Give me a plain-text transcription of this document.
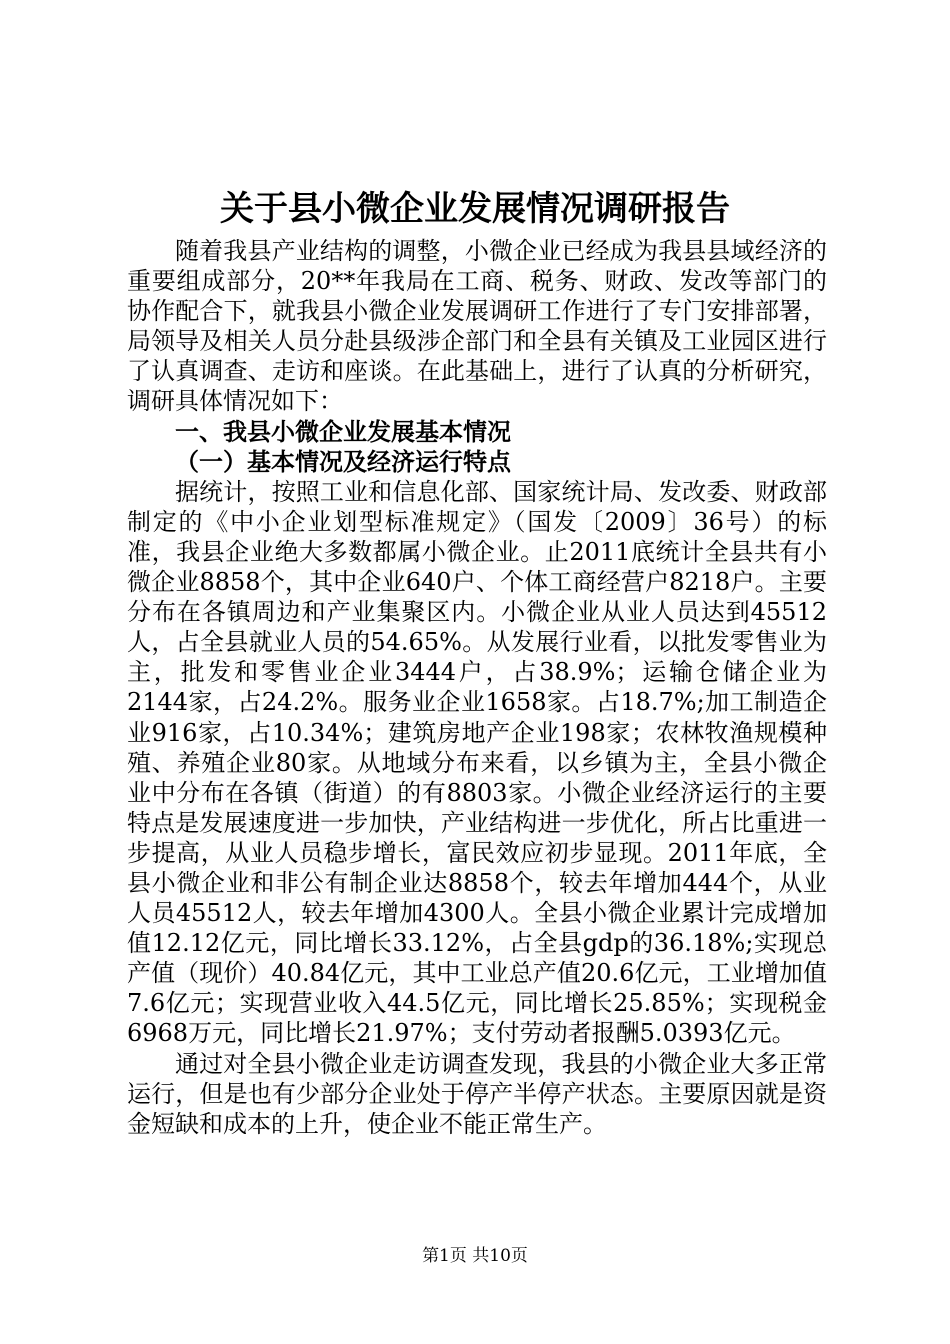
关于县小微企业发展情况调研报告

随着我县产业结构的调整，小微企业已经成为我县县域经济的重要组成部分，20**年我局在工商、税务、财政、发改等部门的协作配合下，就我县小微企业发展调研工作进行了专门安排部署，局领导及相关人员分赴县级涉企部门和全县有关镇及工业园区进行了认真调查、走访和座谈。在此基础上，进行了认真的分析研究，调研具体情况如下：

一、我县小微企业发展基本情况

（一）基本情况及经济运行特点

据统计，按照工业和信息化部、国家统计局、发改委、财政部制定的《中小企业划型标准规定》（国发〔2009〕36号）的标准，我县企业绝大多数都属小微企业。止2011底统计全县共有小微企业8858个，其中企业640户、个体工商经营户8218户。主要分布在各镇周边和产业集聚区内。小微企业从业人员达到45512人，占全县就业人员的54.65%。从发展行业看，以批发零售业为主，批发和零售业企业3444户，占38.9%；运输仓储企业为2144家，占24.2%。服务业企业1658家。占18.7%;加工制造企业916家，占10.34%；建筑房地产企业198家；农林牧渔规模种殖、养殖企业80家。从地域分布来看，以乡镇为主，全县小微企业中分布在各镇（街道）的有8803家。小微企业经济运行的主要特点是发展速度进一步加快，产业结构进一步优化，所占比重进一步提高，从业人员稳步增长，富民效应初步显现。2011年底，全县小微企业和非公有制企业达8858个，较去年增加444个，从业人员45512人，较去年增加4300人。全县小微企业累计完成增加值12.12亿元，同比增长33.12%，占全县gdp的36.18%;实现总产值（现价）40.84亿元，其中工业总产值20.6亿元，工业增加值7.6亿元；实现营业收入44.5亿元，同比增长25.85%；实现税金6968万元，同比增长21.97%；支付劳动者报酬5.0393亿元。

通过对全县小微企业走访调查发现，我县的小微企业大多正常运行，但是也有少部分企业处于停产半停产状态。主要原因就是资金短缺和成本的上升，使企业不能正常生产。

第1页 共10页
